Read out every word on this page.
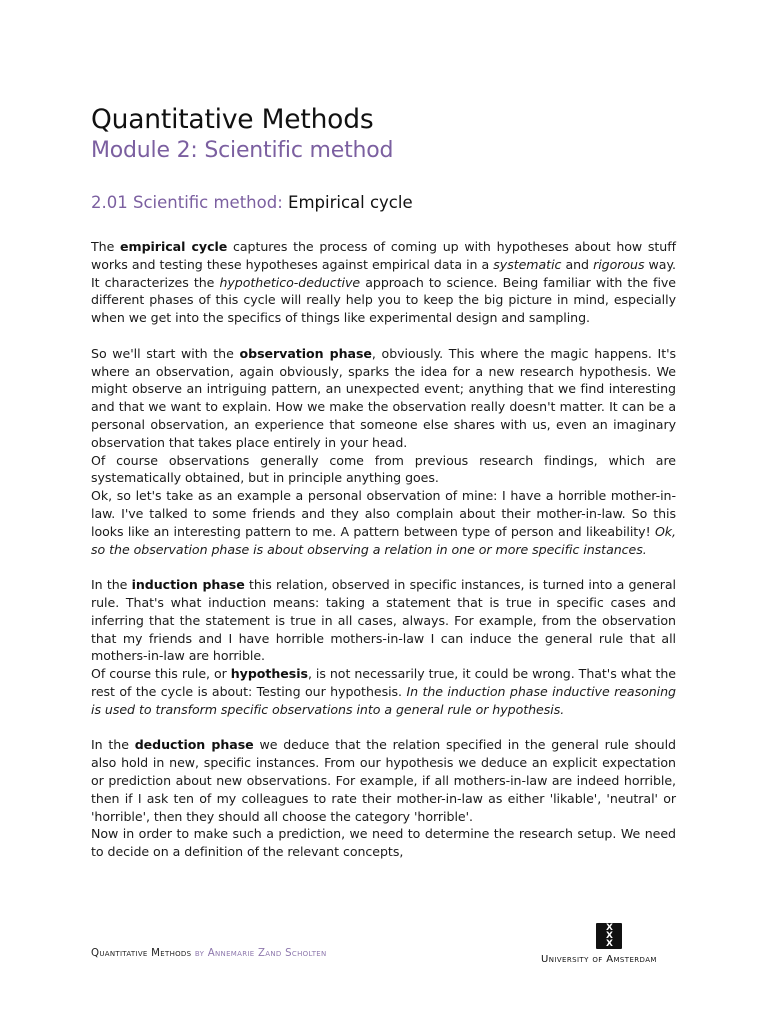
Quantitative Methods
Module 2: Scientific method
2.01 Scientific method: Empirical cycle

The empirical cycle captures the process of coming up with hypotheses about how stuff works and testing these hypotheses against empirical data in a systematic and rigorous way. It characterizes the hypothetico-deductive approach to science. Being familiar with the five different phases of this cycle will really help you to keep the big picture in mind, especially when we get into the specifics of things like experimental design and sampling.

So we'll start with the observation phase, obviously. This where the magic happens. It's where an observation, again obviously, sparks the idea for a new research hypothesis. We might observe an intriguing pattern, an unexpected event; anything that we find interesting and that we want to explain. How we make the observation really doesn't matter. It can be a personal observation, an experience that someone else shares with us, even an imaginary observation that takes place entirely in your head.

Of course observations generally come from previous research findings, which are systematically obtained, but in principle anything goes.

Ok, so let's take as an example a personal observation of mine: I have a horrible mother-in-law. I've talked to some friends and they also complain about their mother-in-law. So this looks like an interesting pattern to me. A pattern between type of person and likeability! Ok, so the observation phase is about observing a relation in one or more specific instances.

In the induction phase this relation, observed in specific instances, is turned into a general rule. That's what induction means: taking a statement that is true in specific cases and inferring that the statement is true in all cases, always. For example, from the observation that my friends and I have horrible mothers-in-law I can induce the general rule that all mothers-in-law are horrible.

Of course this rule, or hypothesis, is not necessarily true, it could be wrong. That's what the rest of the cycle is about: Testing our hypothesis. In the induction phase inductive reasoning is used to transform specific observations into a general rule or hypothesis.

In the deduction phase we deduce that the relation specified in the general rule should also hold in new, specific instances. From our hypothesis we deduce an explicit expectation or prediction about new observations. For example, if all mothers-in-law are indeed horrible, then if I ask ten of my colleagues to rate their mother-in-law as either 'likable', 'neutral' or 'horrible', then they should all choose the category 'horrible'.

Now in order to make such a prediction, we need to determine the research setup. We need to decide on a definition of the relevant concepts,

Quantitative Methods by Annemarie Zand Scholten
X
X
X
University of Amsterdam
